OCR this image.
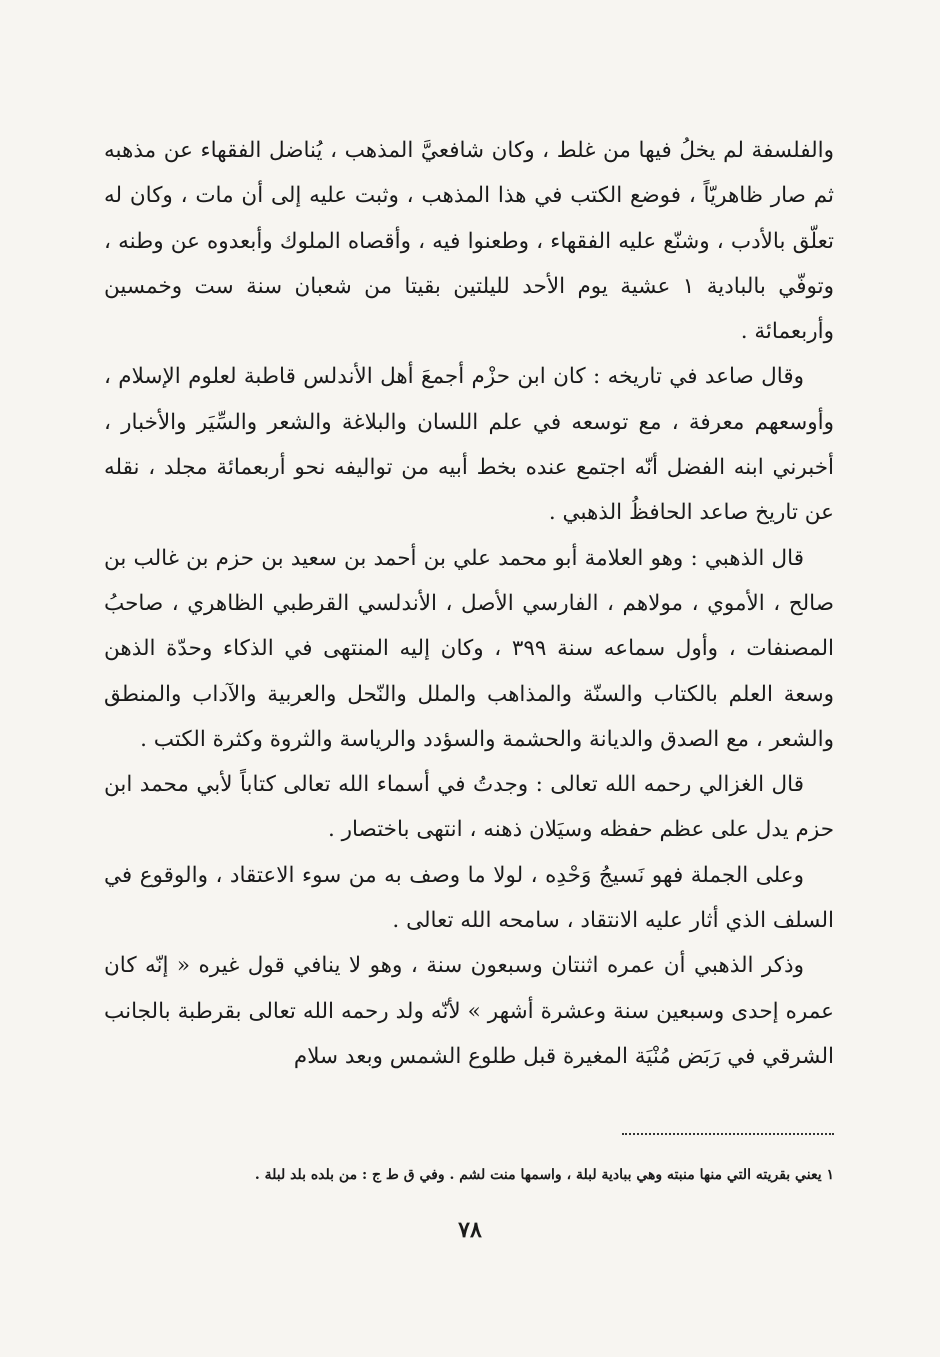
والفلسفة لم يخلُ فيها من غلط ، وكان شافعيَّ المذهب ، يُناضل الفقهاء عن مذهبه ثم صار ظاهريّاً ، فوضع الكتب في هذا المذهب ، وثبت عليه إلى أن مات ، وكان له تعلّق بالأدب ، وشنّع عليه الفقهاء ، وطعنوا فيه ، وأقصاه الملوك وأبعدوه عن وطنه ، وتوفّي بالبادية ١ عشية يوم الأحد لليلتين بقيتا من شعبان سنة ست وخمسين وأربعمائة .

وقال صاعد في تاريخه : كان ابن حزْم أجمعَ أهل الأندلس قاطبة لعلوم الإسلام ، وأوسعهم معرفة ، مع توسعه في علم اللسان والبلاغة والشعر والسِّيَر والأخبار ، أخبرني ابنه الفضل أنّه اجتمع عنده بخط أبيه من تواليفه نحو أربعمائة مجلد ، نقله عن تاريخ صاعد الحافظُ الذهبي .

قال الذهبي : وهو العلامة أبو محمد علي بن أحمد بن سعيد بن حزم بن غالب بن صالح ، الأموي ، مولاهم ، الفارسي الأصل ، الأندلسي القرطبي الظاهري ، صاحبُ المصنفات ، وأول سماعه سنة ٣٩٩ ، وكان إليه المنتهى في الذكاء وحدّة الذهن وسعة العلم بالكتاب والسنّة والمذاهب والملل والنّحل والعربية والآداب والمنطق والشعر ، مع الصدق والديانة والحشمة والسؤدد والرياسة والثروة وكثرة الكتب .

قال الغزالي رحمه الله تعالى : وجدتُ في أسماء الله تعالى كتاباً لأبي محمد ابن حزم يدل على عظم حفظه وسيَلان ذهنه ، انتهى باختصار .

وعلى الجملة فهو نَسيجُ وَحْدِه ، لولا ما وصف به من سوء الاعتقاد ، والوقوع في السلف الذي أثار عليه الانتقاد ، سامحه الله تعالى .

وذكر الذهبي أن عمره اثنتان وسبعون سنة ، وهو لا ينافي قول غيره « إنّه كان عمره إحدى وسبعين سنة وعشرة أشهر » لأنّه ولد رحمه الله تعالى بقرطبة بالجانب الشرقي في رَبَض مُنْيَة المغيرة قبل طلوع الشمس وبعد سلام

١ يعني بقريته التي منها منبته وهي ببادية لبلة ، واسمها منت لشم . وفي ق ط ج : من بلده بلد لبلة .
٧٨
